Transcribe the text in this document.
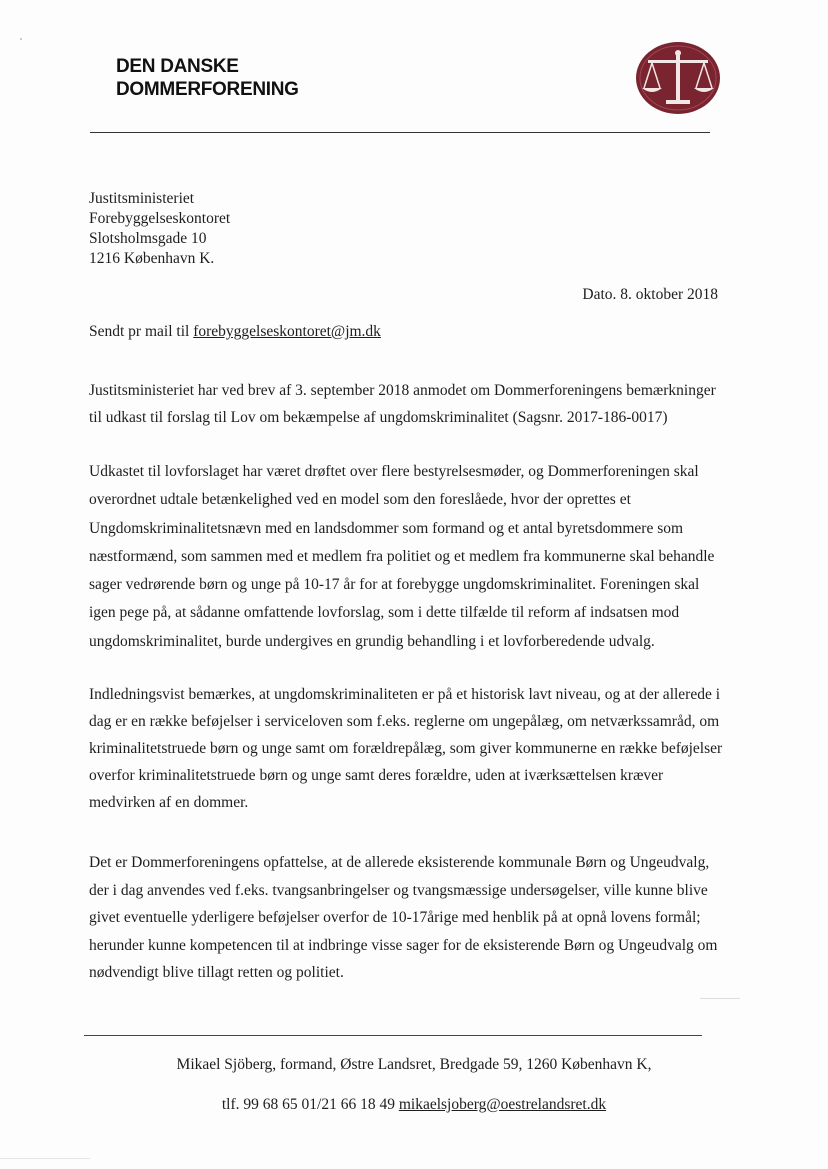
DEN DANSKE
DOMMERFORENING
Justitsministeriet
Forebyggelseskontoret
Slotsholmsgade 10
1216 København K.
Dato. 8. oktober 2018
Sendt pr mail til forebyggelseskontoret@jm.dk
Justitsministeriet har ved brev af 3. september 2018 anmodet om Dommerforeningens bemærkninger
til udkast til forslag til Lov om bekæmpelse af ungdomskriminalitet (Sagsnr. 2017-186-0017)
Udkastet til lovforslaget har været drøftet over flere bestyrelsesmøder, og Dommerforeningen skal
overordnet udtale betænkelighed ved en model som den foreslåede, hvor der oprettes et
Ungdomskriminalitetsnævn med en landsdommer som formand og et antal byretsdommere som
næstformænd, som sammen med et medlem fra politiet og et medlem fra kommunerne skal behandle
sager vedrørende børn og unge på 10-17 år for at forebygge ungdomskriminalitet. Foreningen skal
igen pege på, at sådanne omfattende lovforslag, som i dette tilfælde til reform af indsatsen mod
ungdomskriminalitet, burde undergives en grundig behandling i et lovforberedende udvalg.
Indledningsvist bemærkes, at ungdomskriminaliteten er på et historisk lavt niveau, og at der allerede i
dag er en række beføjelser i serviceloven som f.eks. reglerne om ungepålæg, om netværkssamråd, om
kriminalitetstruede børn og unge samt om forældrepålæg, som giver kommunerne en række beføjelser
overfor kriminalitetstruede børn og unge samt deres forældre, uden at iværksættelsen kræver
medvirken af en dommer.
Det er Dommerforeningens opfattelse, at de allerede eksisterende kommunale Børn og Ungeudvalg,
der i dag anvendes ved f.eks. tvangsanbringelser og tvangsmæssige undersøgelser, ville kunne blive
givet eventuelle yderligere beføjelser overfor de 10-17årige med henblik på at opnå lovens formål;
herunder kunne kompetencen til at indbringe visse sager for de eksisterende Børn og Ungeudvalg om
nødvendigt blive tillagt retten og politiet.
Mikael Sjöberg, formand, Østre Landsret, Bredgade 59, 1260 København K,
tlf. 99 68 65 01/21 66 18 49 mikaelsjoberg@oestrelandsret.dk
